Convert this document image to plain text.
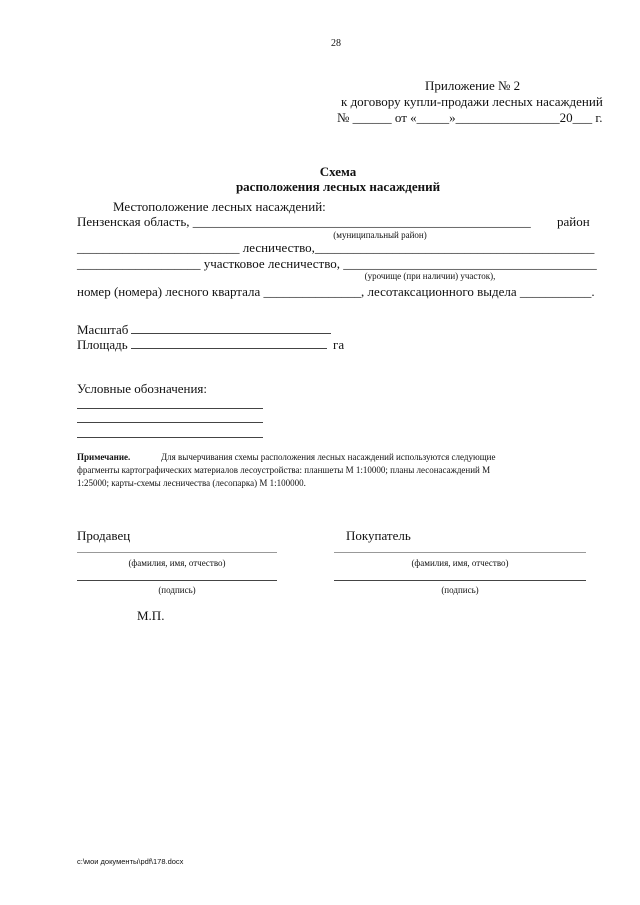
28
Приложение № 2
к договору купли-продажи лесных насаждений
№ ______ от «_____»________________20___ г.
Схема
расположения лесных насаждений
Местоположение лесных насаждений:
Пензенская область, ____________________________________________________ район
(муниципальный район)
_________________________ лесничество,___________________________________________
___________________ участковое лесничество, _______________________________________
(урочище (при наличии) участок),
номер (номера) лесного квартала _______________, лесотаксационного выдела ___________.
Масштаб
Площадь	га
Условные обозначения:
Примечание.	Для вычерчивания схемы расположения лесных насаждений используются следующие
фрагменты картографических материалов лесоустройства: планшеты М 1:10000; планы лесонасаждений М
1:25000; карты-схемы лесничества (лесопарка) М 1:100000.
Продавец	Покупатель
(фамилия, имя, отчество)	(фамилия, имя, отчество)
(подпись)	(подпись)
М.П.
c:\мои документы\pdf\178.docx
